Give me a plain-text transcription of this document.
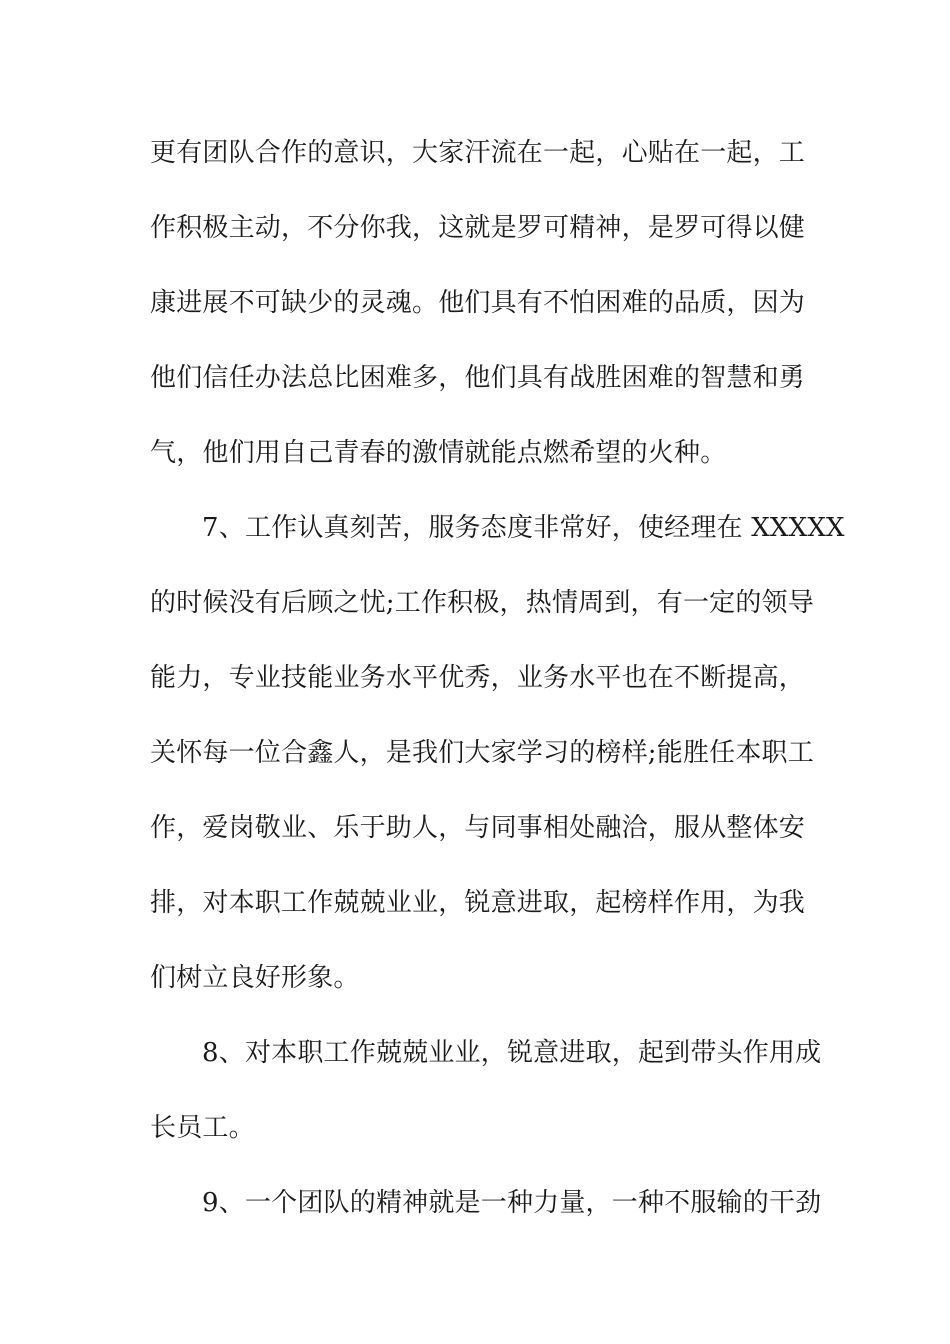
更有团队合作的意识，大家汗流在一起，心贴在一起，工
作积极主动，不分你我，这就是罗可精神，是罗可得以健
康进展不可缺少的灵魂。他们具有不怕困难的品质，因为
他们信任办法总比困难多，他们具有战胜困难的智慧和勇
气，他们用自己青春的激情就能点燃希望的火种。
7、工作认真刻苦，服务态度非常好，使经理在 XXXXX
的时候没有后顾之忧;工作积极，热情周到，有一定的领导
能力，专业技能业务水平优秀，业务水平也在不断提高，
关怀每一位合鑫人，是我们大家学习的榜样;能胜任本职工
作，爱岗敬业、乐于助人，与同事相处融洽，服从整体安
排，对本职工作兢兢业业，锐意进取，起榜样作用，为我
们树立良好形象。
8、对本职工作兢兢业业，锐意进取，起到带头作用成
长员工。
9、一个团队的精神就是一种力量，一种不服输的干劲
